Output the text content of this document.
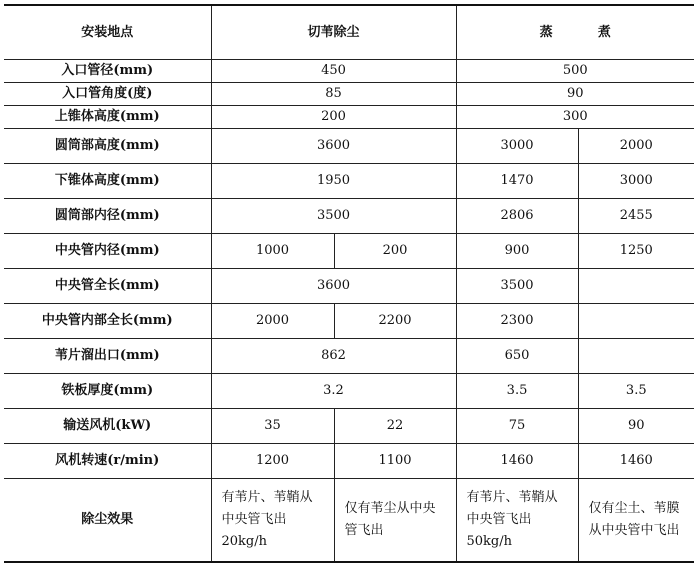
安装地点	切苇除尘		蒸          煮	
入口管径(mm)	450		500	
入口管角度(度)	85		90	
上锥体高度(mm)	200		300	
圆筒部高度(mm)	3600		3000	2000
下锥体高度(mm)	1950		1470	3000
圆筒部内径(mm)	3500		2806	2455
中央管内径(mm)	1000	200	900	1250
中央管全长(mm)	3600		3500	
中央管内部全长(mm)	2000	2200	2300	
苇片溜出口(mm)	862		650	
铁板厚度(mm)	3.2		3.5	3.5
输送风机(kW)	35	22	75	90
风机转速(r/min)	1200	1100	1460	1460
除尘效果	有苇片、苇鞘从中央管飞出20kg/h	仅有苇尘从中央管飞出	有苇片、苇鞘从中央管飞出50kg/h	仅有尘土、苇膜从中央管中飞出
